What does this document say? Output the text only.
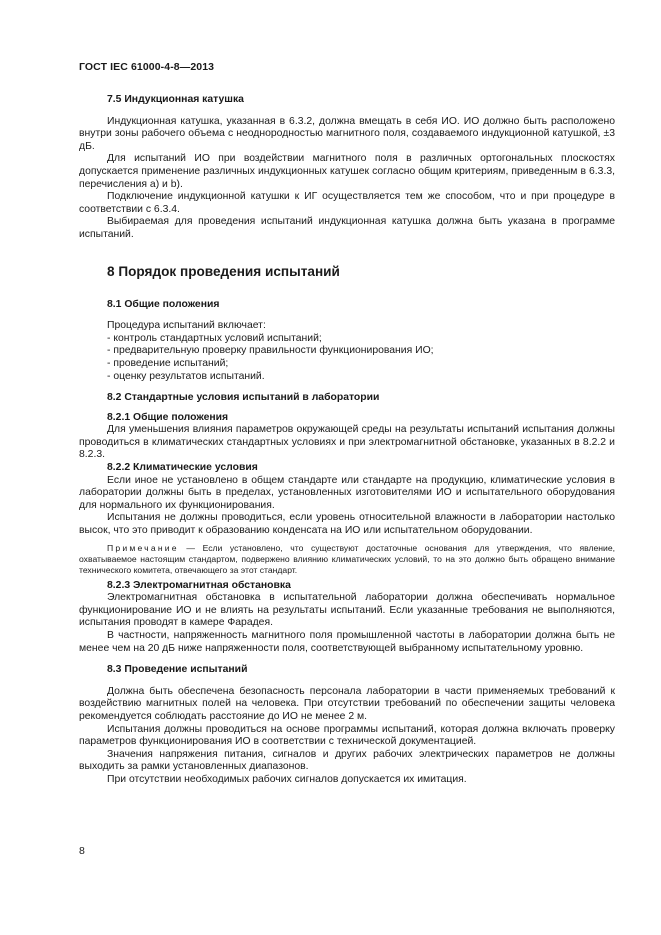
ГОСТ IEC 61000-4-8—2013

7.5 Индукционная катушка

Индукционная катушка, указанная в 6.3.2, должна вмещать в себя ИО. ИО должно быть расположено внутри зоны рабочего объема с неоднородностью магнитного поля, создаваемого индукционной катушкой, ±3 дБ.

Для испытаний ИО при воздействии магнитного поля в различных ортогональных плоскостях допускается применение различных индукционных катушек согласно общим критериям, приведенным в 6.3.3, перечисления a) и b).

Подключение индукционной катушки к ИГ осуществляется тем же способом, что и при процедуре в соответствии с 6.3.4.

Выбираемая для проведения испытаний индукционная катушка должна быть указана в программе испытаний.

8 Порядок проведения испытаний

8.1 Общие положения

Процедура испытаний включает:

- контроль стандартных условий испытаний;

- предварительную проверку правильности функционирования ИО;

- проведение испытаний;

- оценку результатов испытаний.

8.2 Стандартные условия испытаний в лаборатории

8.2.1 Общие положения

Для уменьшения влияния параметров окружающей среды на результаты испытаний испытания должны проводиться в климатических стандартных условиях и при электромагнитной обстановке, указанных в 8.2.2 и 8.2.3.

8.2.2 Климатические условия

Если иное не установлено в общем стандарте или стандарте на продукцию, климатические условия в лаборатории должны быть в пределах, установленных изготовителями ИО и испытательного оборудования для нормального их функционирования.

Испытания не должны проводиться, если уровень относительной влажности в лаборатории настолько высок, что это приводит к образованию конденсата на ИО или испытательном оборудовании.

Примечание — Если установлено, что существуют достаточные основания для утверждения, что явление, охватываемое настоящим стандартом, подвержено влиянию климатических условий, то на это должно быть обращено внимание технического комитета, отвечающего за этот стандарт.

8.2.3 Электромагнитная обстановка

Электромагнитная обстановка в испытательной лаборатории должна обеспечивать нормальное функционирование ИО и не влиять на результаты испытаний. Если указанные требования не выполняются, испытания проводят в камере Фарадея.

В частности, напряженность магнитного поля промышленной частоты в лаборатории должна быть не менее чем на 20 дБ ниже напряженности поля, соответствующей выбранному испытательному уровню.

8.3 Проведение испытаний

Должна быть обеспечена безопасность персонала лаборатории в части применяемых требований к воздействию магнитных полей на человека. При отсутствии требований по обеспечении защиты человека рекомендуется соблюдать расстояние до ИО не менее 2 м.

Испытания должны проводиться на основе программы испытаний, которая должна включать проверку параметров функционирования ИО в соответствии с технической документацией.

Значения напряжения питания, сигналов и других рабочих электрических параметров не должны выходить за рамки установленных диапазонов.

При отсутствии необходимых рабочих сигналов допускается их имитация.

8
